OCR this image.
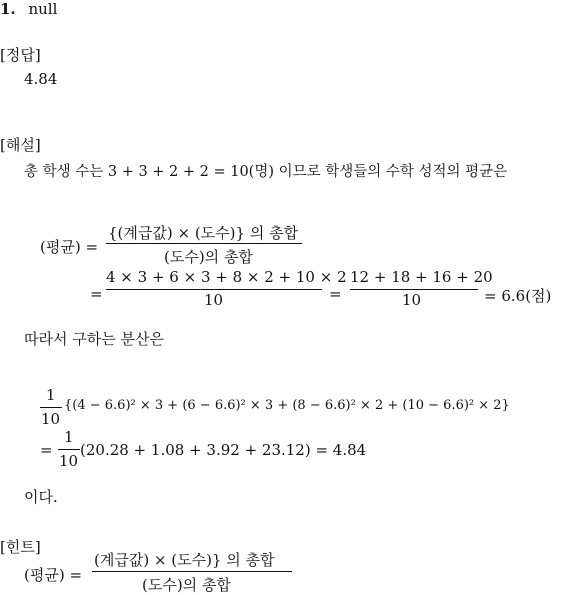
1. null
[정답]
4.84
[해설]
총 학생 수는 3 + 3 + 2 + 2 = 10(명) 이므로 학생들의 수학 성적의 평균은
(평균) =
{(계급값) × (도수)} 의 총합
(도수)의 총합
=
4 × 3 + 6 × 3 + 8 × 2 + 10 × 2
10	=
12 + 18 + 16 + 20
10	= 6.6(점)
따라서 구하는 분산은
1
10
{(4 − 6.6)² × 3 + (6 − 6.6)² × 3 + (8 − 6.6)² × 2 + (10 − 6.6)² × 2}
=
1
10
(20.28 + 1.08 + 3.92 + 23.12) = 4.84
이다.
[힌트]
(평균) =
(계급값) × (도수)} 의 총합
(도수)의 총합
